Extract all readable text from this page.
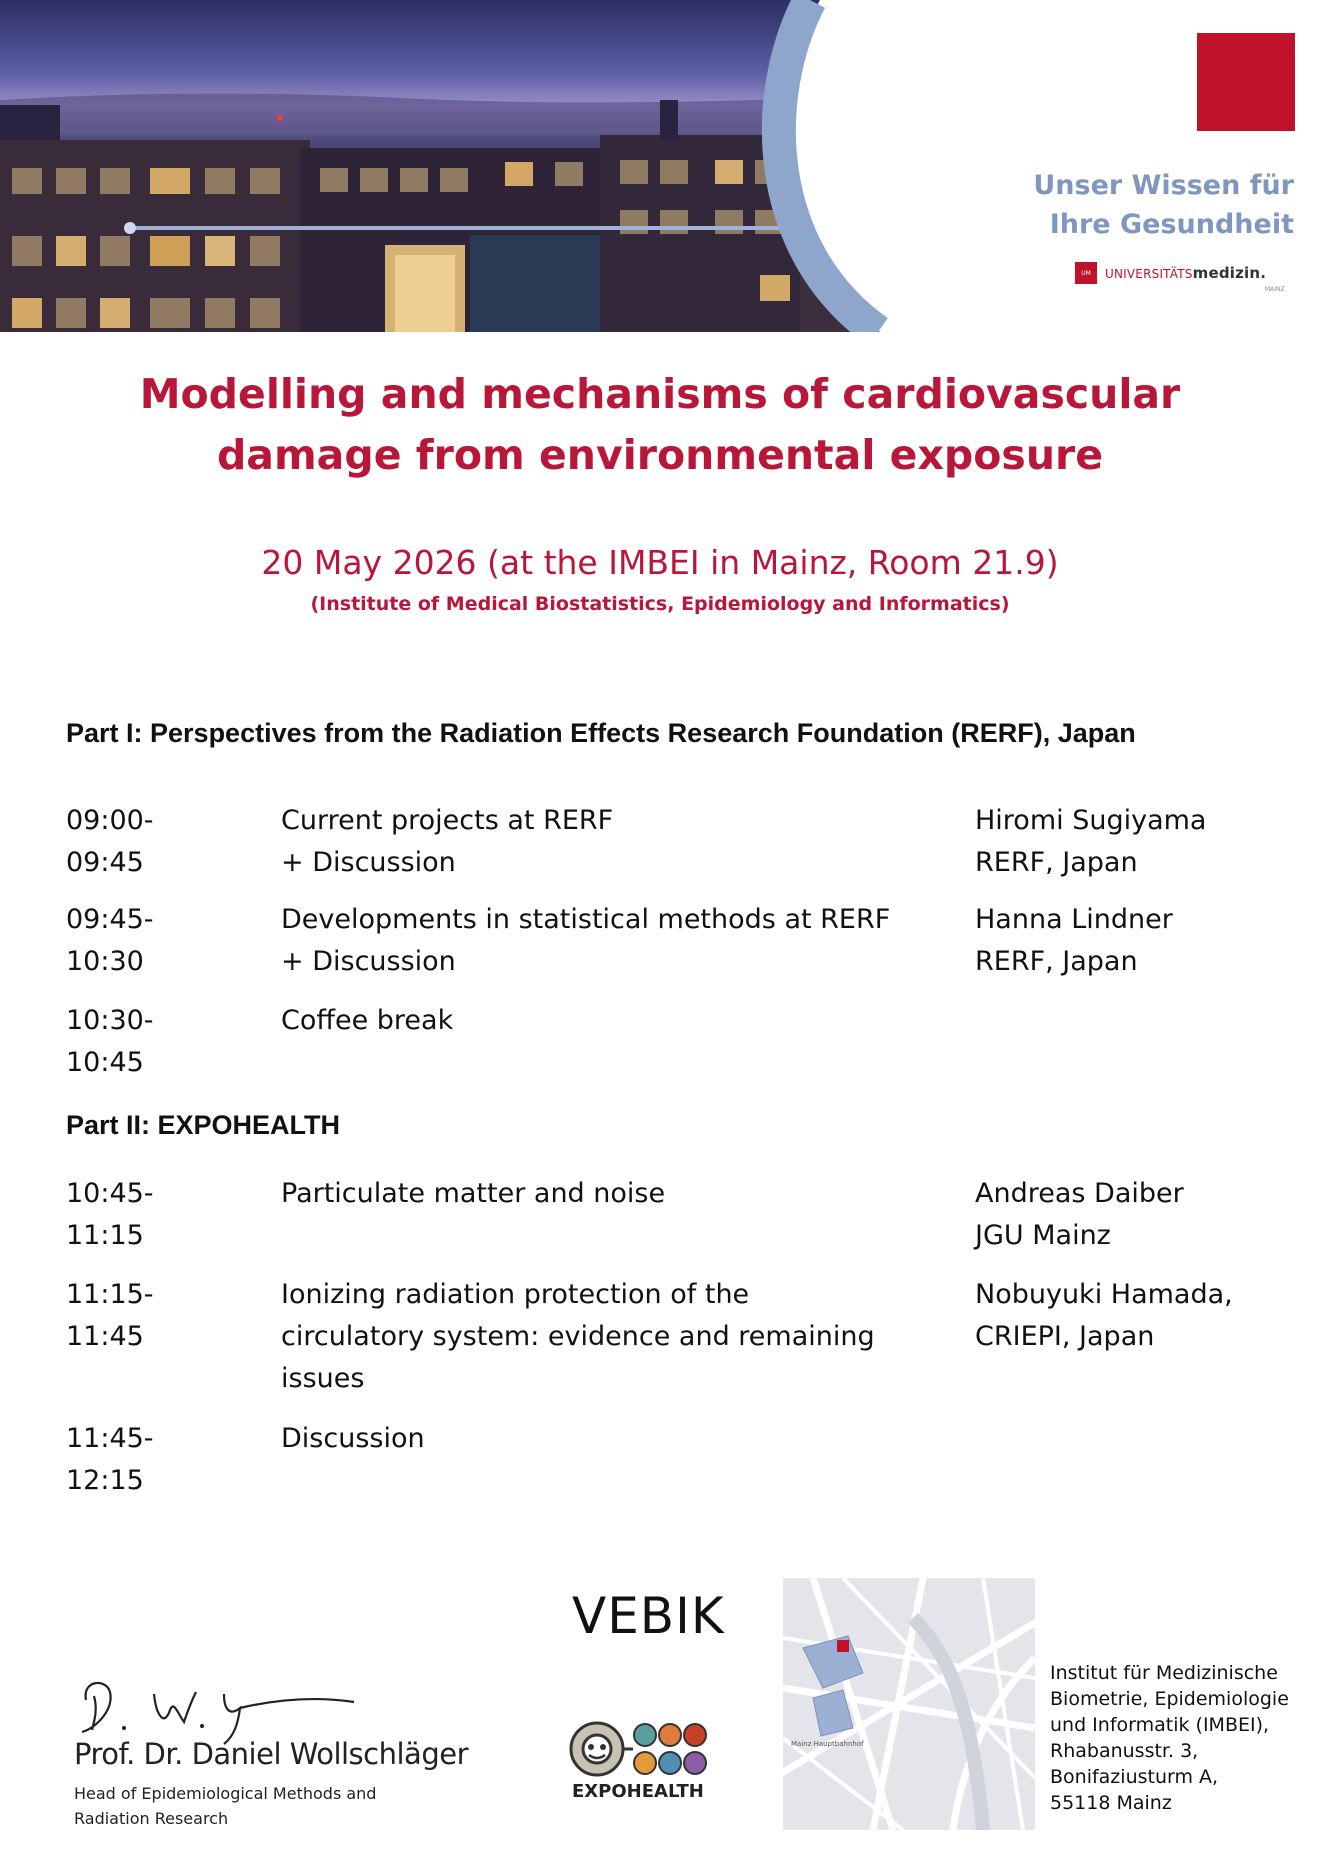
Unser Wissen für
Ihre Gesundheit
UM	UNIVERSITÄTSmedizin.
MAINZ
Modelling and mechanisms of cardiovascular
damage from environmental exposure
20 May 2026 (at the IMBEI in Mainz, Room 21.9)
(Institute of Medical Biostatistics, Epidemiology and Informatics)
Part I: Perspectives from the Radiation Effects Research Foundation (RERF), Japan
09:00-
09:45
Current projects at RERF
+ Discussion
Hiromi Sugiyama
RERF, Japan
09:45-
10:30
Developments in statistical methods at RERF
+ Discussion
Hanna Lindner
RERF, Japan
10:30-
10:45
Coffee break
Part II: EXPOHEALTH
10:45-
11:15
Particulate matter and noise	Andreas Daiber
JGU Mainz
11:15-
11:45
Ionizing radiation protection of the
circulatory system: evidence and remaining
issues
Nobuyuki Hamada,
CRIEPI, Japan
11:45-
12:15
Discussion
Prof. Dr. Daniel Wollschläger
Head of Epidemiological Methods and
Radiation Research
VEBIK
EXPOHEALTH
Mainz Hauptbahnhof
Institut für Medizinische
Biometrie, Epidemiologie
und Informatik (IMBEI),
Rhabanusstr. 3,
Bonifaziusturm A,
55118 Mainz
